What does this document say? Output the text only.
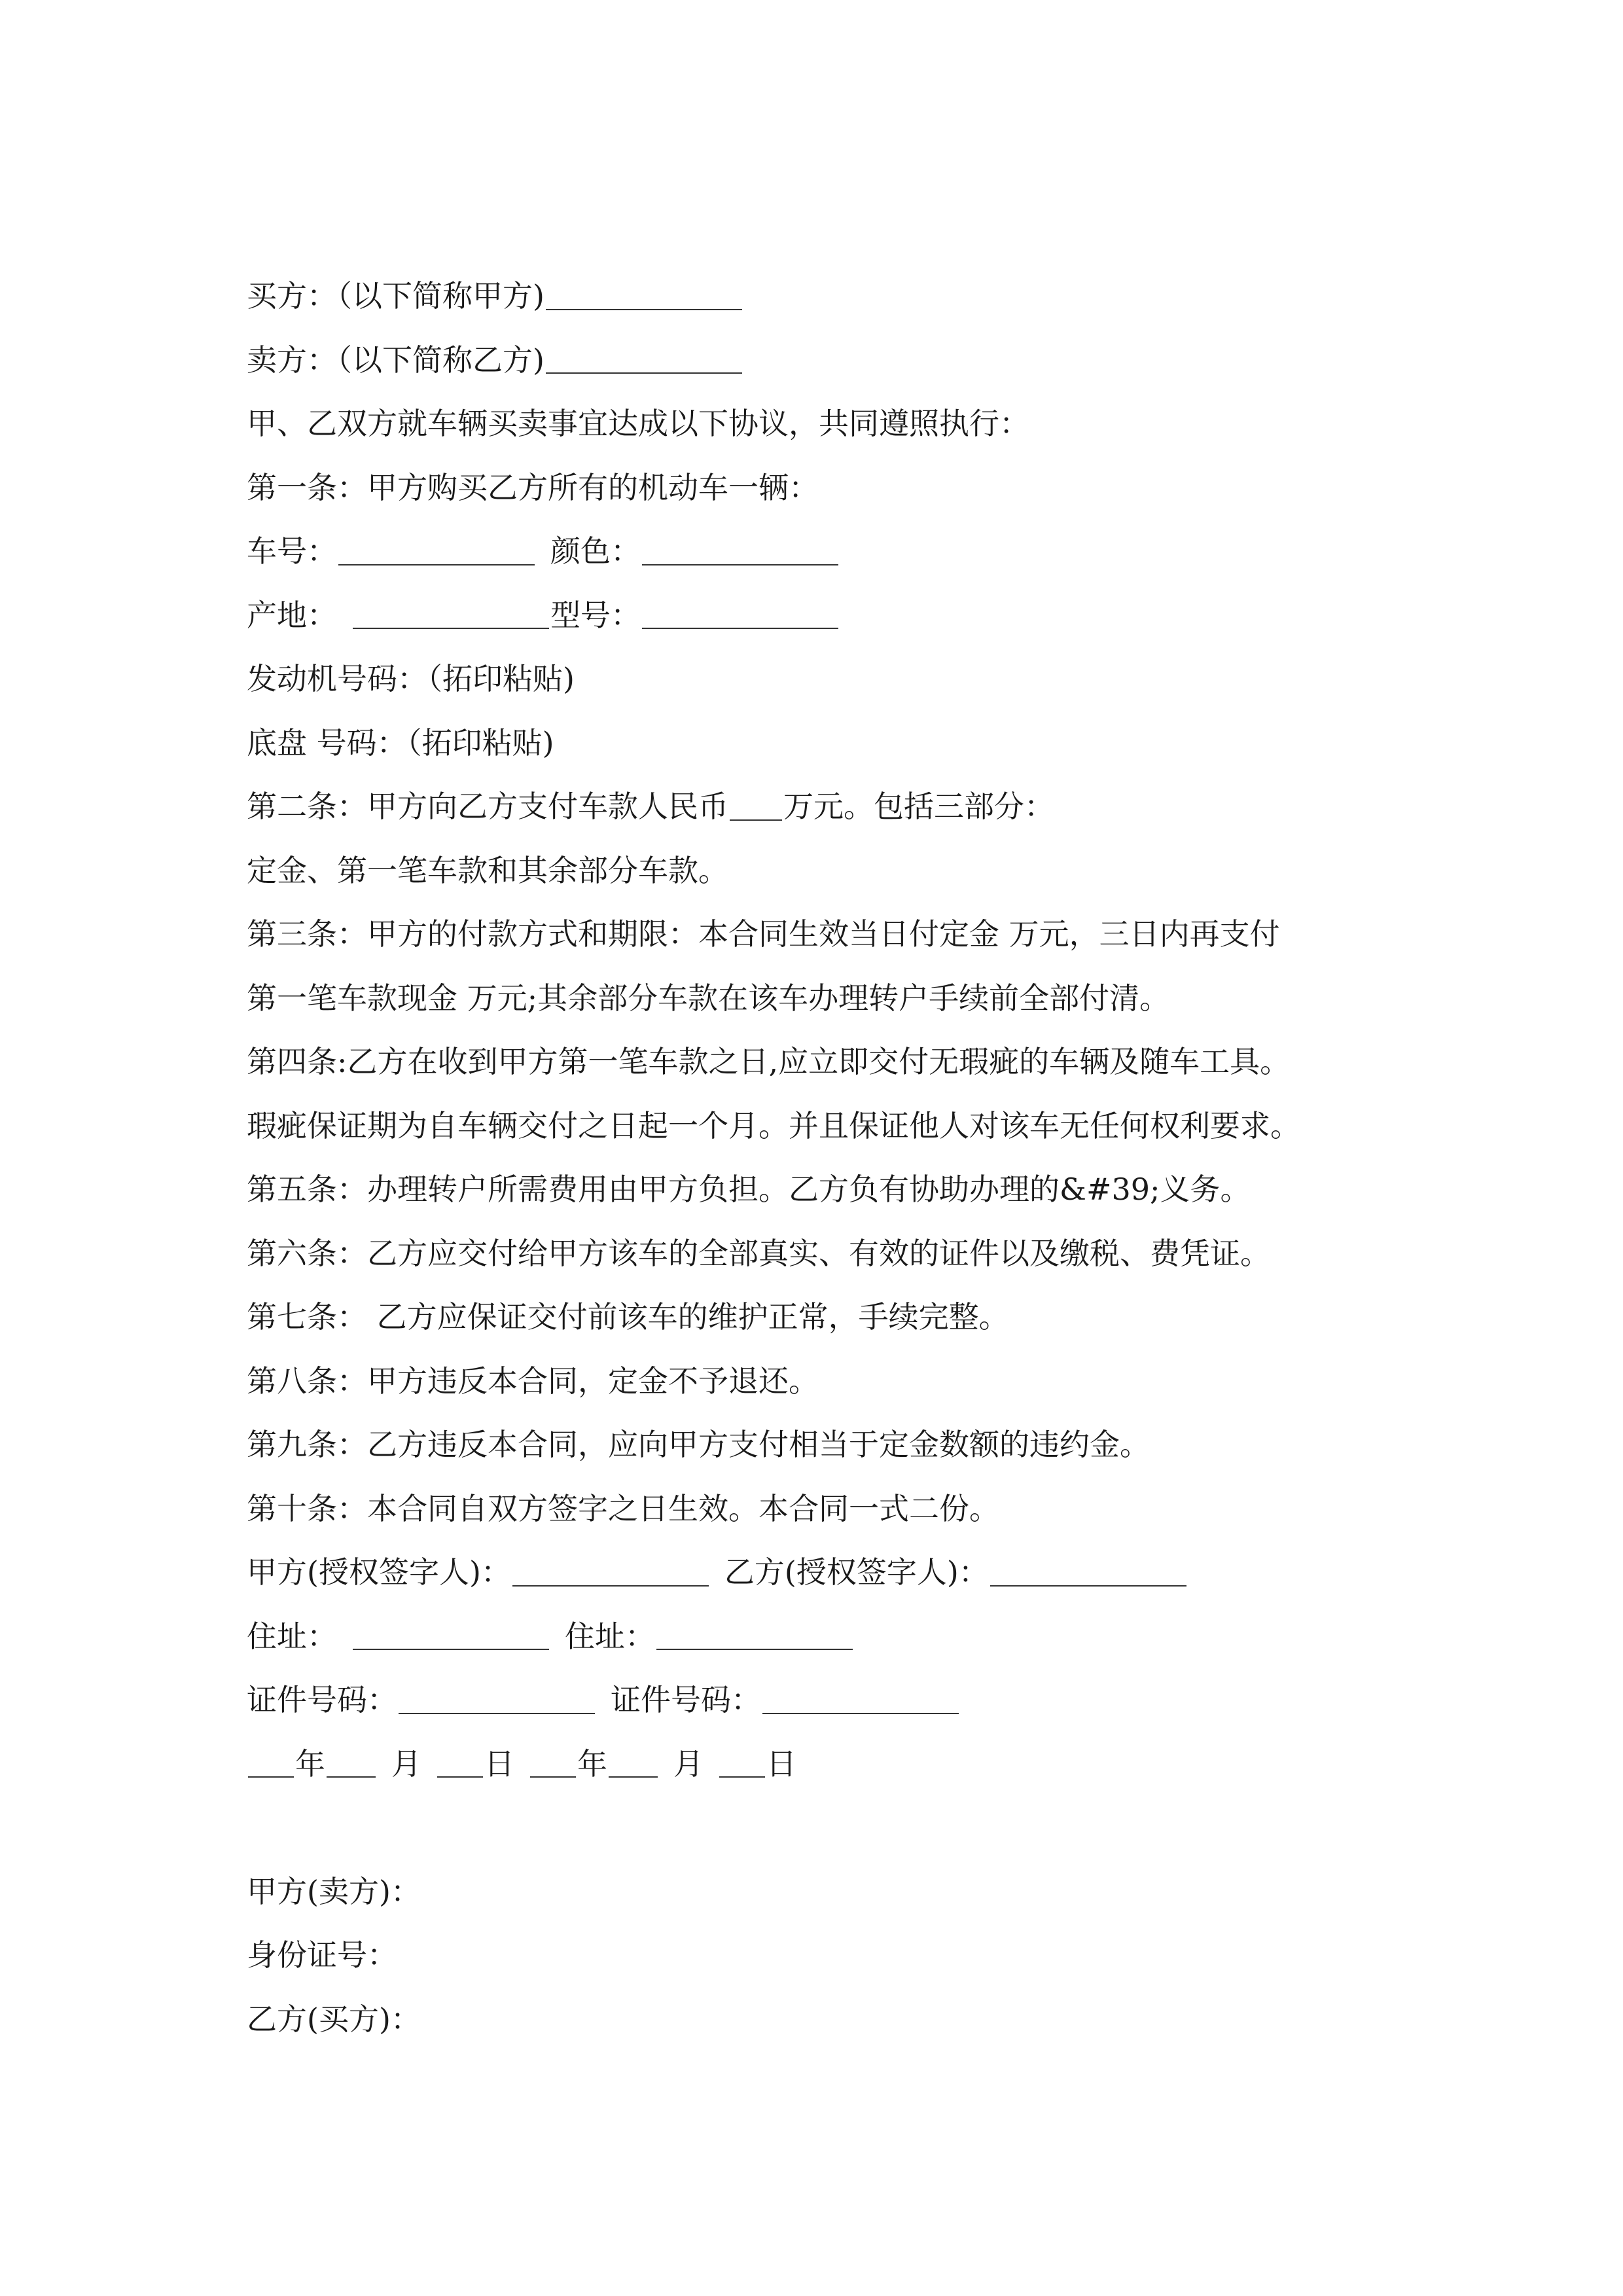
买方：（以下简称甲方)
卖方：（以下简称乙方)
甲、乙双方就车辆买卖事宜达成以下协议，共同遵照执行：
第一条：甲方购买乙方所有的机动车一辆：
车号：	颜色：
产地：	型号：
发动机号码：（拓印粘贴)
底盘 号码：（拓印粘贴)
第二条：甲方向乙方支付车款人民币 万元。包括三部分：
定金、第一笔车款和其余部分车款。
第三条：甲方的付款方式和期限：本合同生效当日付定金 万元，三日内再支付
第一笔车款现金 万元;其余部分车款在该车办理转户手续前全部付清。
第四条:乙方在收到甲方第一笔车款之日,应立即交付无瑕疵的车辆及随车工具。
瑕疵保证期为自车辆交付之日起一个月。并且保证他人对该车无任何权利要求。
第五条：办理转户所需费用由甲方负担。乙方负有协助办理的&#39;义务。
第六条：乙方应交付给甲方该车的全部真实、有效的证件以及缴税、费凭证。
第七条： 乙方应保证交付前该车的维护正常，手续完整。
第八条：甲方违反本合同，定金不予退还。
第九条：乙方违反本合同，应向甲方支付相当于定金数额的违约金。
第十条：本合同自双方签字之日生效。本合同一式二份。
甲方(授权签字人)：	乙方(授权签字人)：
住址：	住址：
证件号码：	证件号码：
年 月 日 年 月 日
甲方(卖方)：
身份证号：
乙方(买方)：
